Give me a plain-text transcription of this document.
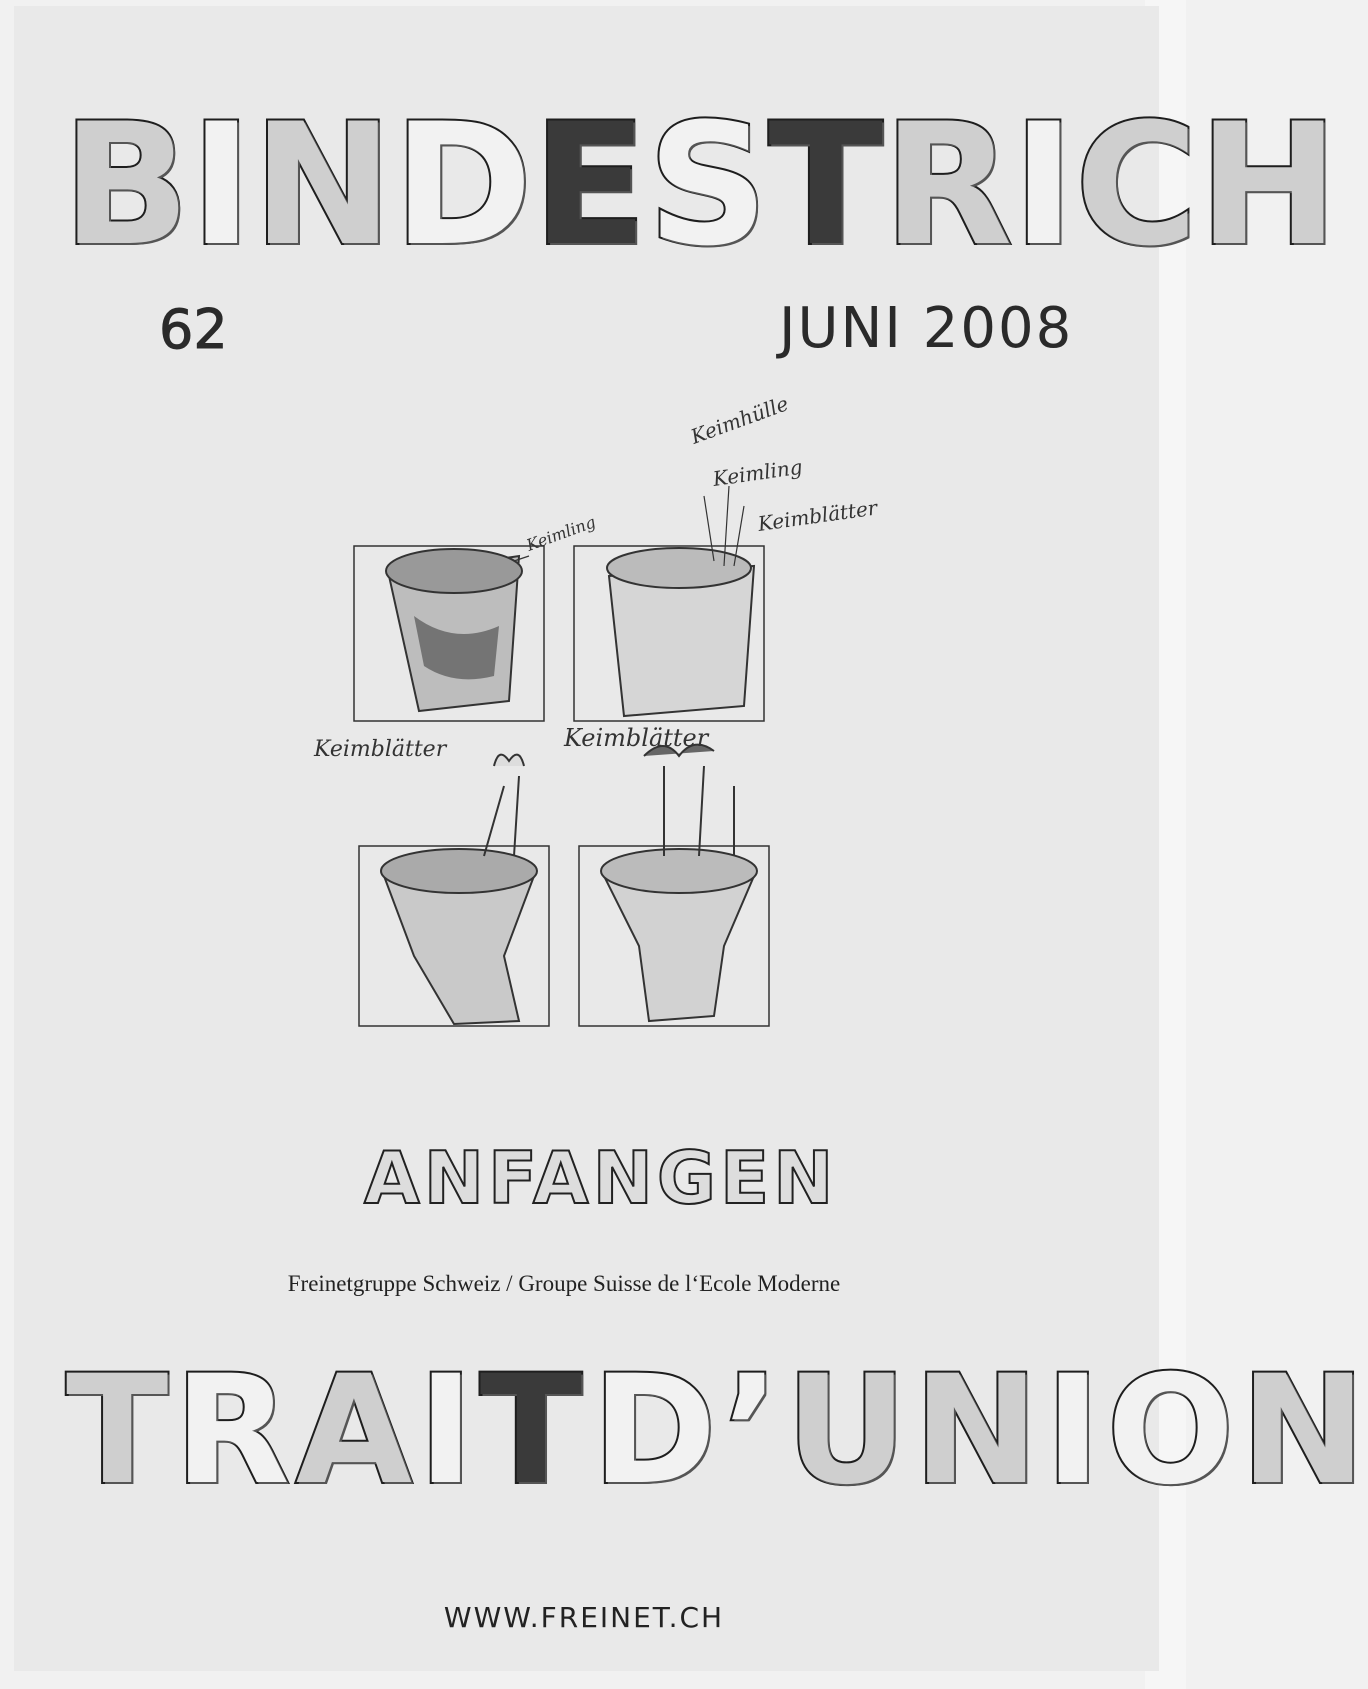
B I N D E S T R I C H
62	JUNI 2008
Keimling
Keimhülle
Keimling
Keimblätter
Keimblätter	Keimblätter
ANFANGEN
Freinetgruppe Schweiz / Groupe Suisse de l‘Ecole Moderne
T R A I T D ’ U N I O N
WWW.FREINET.CH
